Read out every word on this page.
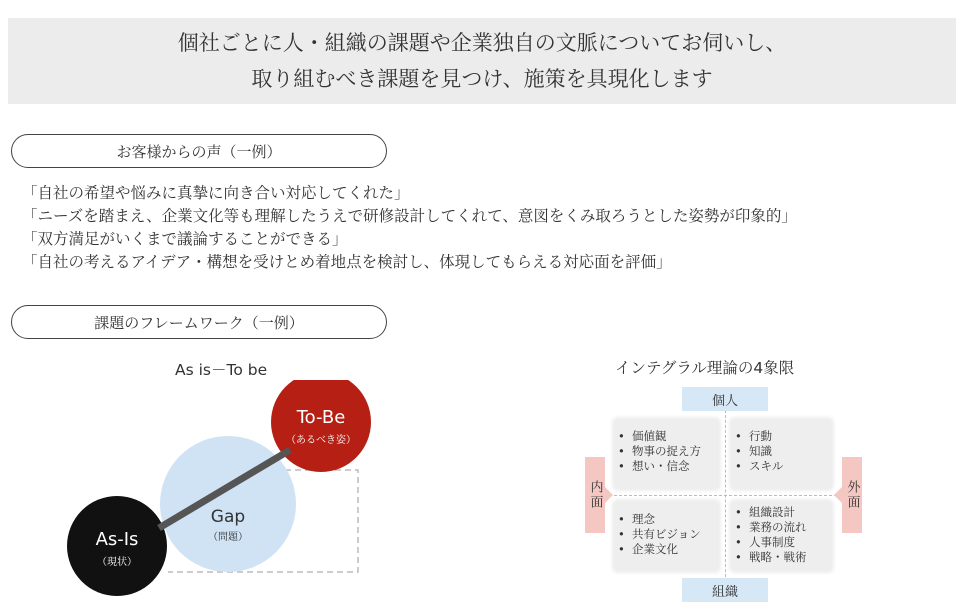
個社ごとに人・組織の課題や企業独自の文脈についてお伺いし、
取り組むべき課題を見つけ、施策を具現化します
お客様からの声（一例）
「自社の希望や悩みに真摯に向き合い対応してくれた」
「ニーズを踏まえ、企業文化等も理解したうえで研修設計してくれて、意図をくみ取ろうとした姿勢が印象的」
「双方満足がいくまで議論することができる」
「自社の考えるアイデア・構想を受けとめ着地点を検討し、体現してもらえる対応面を評価」
課題のフレームワーク（一例）
As is－To be
As-Is
（現状）
Gap
（問題）
To-Be
（あるべき姿）
インテグラル理論の4象限
• 価値観
• 物事の捉え方
• 想い・信念
• 行動
• 知識
• スキル
• 理念
• 共有ビジョン
• 企業文化
• 組織設計
• 業務の流れ
• 人事制度
• 戦略・戦術
個人
組織
内面	外面
